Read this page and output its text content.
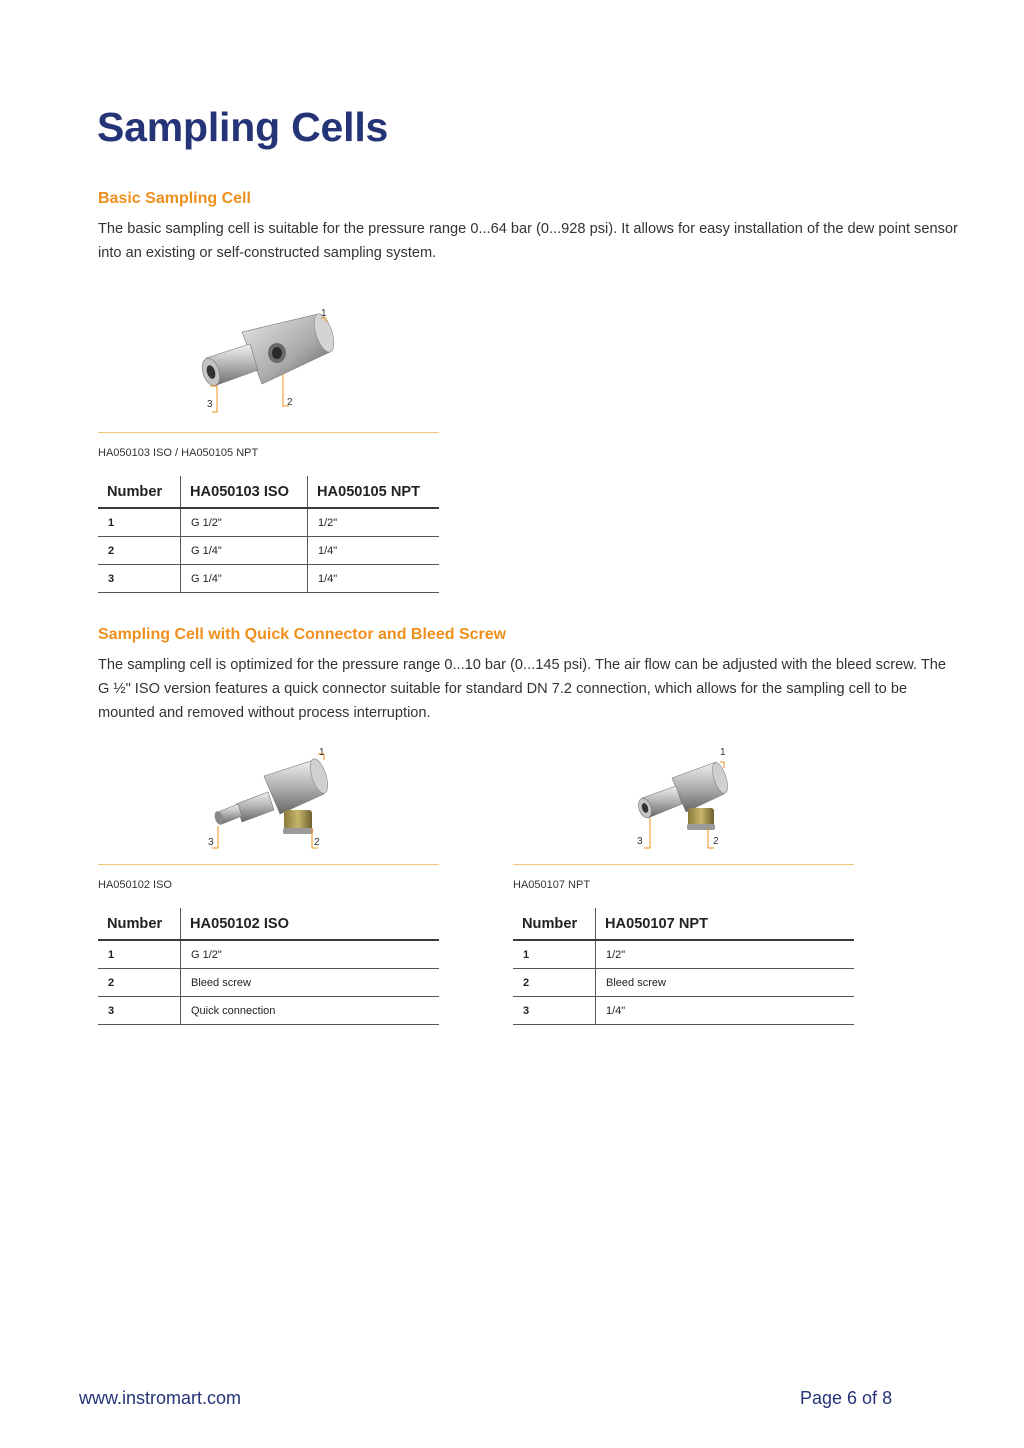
Sampling Cells
Basic Sampling Cell

The basic sampling cell is suitable for the pressure range 0...64 bar (0...928 psi). It allows for easy installation of the dew point sensor into an existing or self-constructed sampling system.

1
2
3
HA050103 ISO / HA050105 NPT
Number	HA050103 ISO	HA050105 NPT
1	G 1/2"	1/2"
2	G 1/4"	1/4"
3	G 1/4"	1/4"
Sampling Cell with Quick Connector and Bleed Screw

The sampling cell is optimized for the pressure range 0...10 bar (0...145 psi). The air flow can be adjusted with the bleed screw. The G ½" ISO version features a quick connector suitable for standard DN 7.2 connection, which allows for the sampling cell to be mounted and removed without process interruption.

1
2
3
HA050102 ISO
Number	HA050102 ISO
1	G 1/2"
2	Bleed screw
3	Quick connection
1
2
3
HA050107 NPT
Number	HA050107 NPT
1	1/2"
2	Bleed screw
3	1/4"
www.instromart.com	Page 6 of 8
